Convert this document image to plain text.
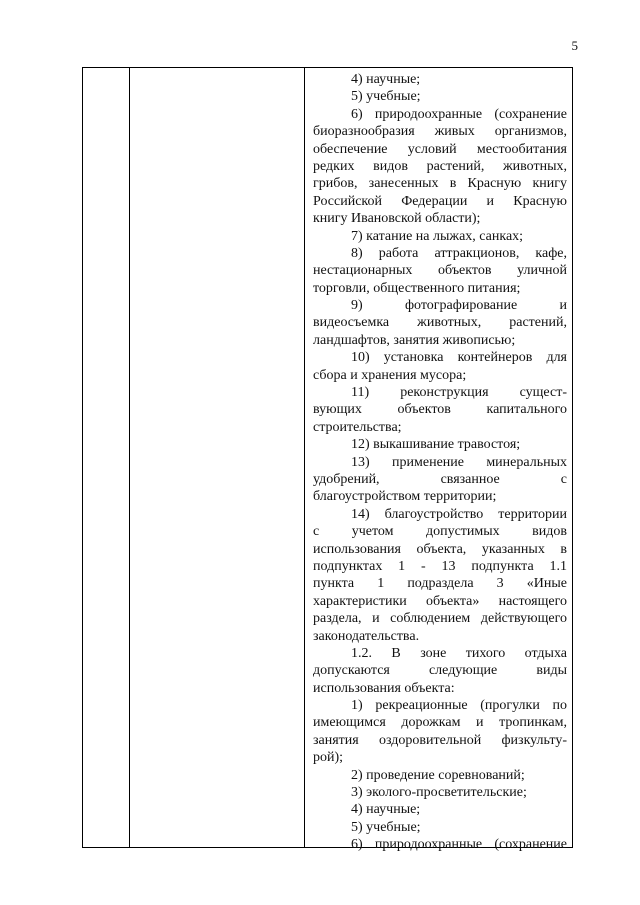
5
4) научные;
5) учебные;
6) природоохранные (сохранение
биоразнообразия живых организмов,
обеспечение условий местообитания
редких видов растений, животных,
грибов, занесенных в Красную книгу
Российской Федерации и Красную
книгу Ивановской области);
7) катание на лыжах, санках;
8) работа аттракционов, кафе,
нестационарных объектов уличной
торговли, общественного питания;
9) фотографирование и
видеосъемка животных, растений,
ландшафтов, занятия живописью;
10) установка контейнеров для
сбора и хранения мусора;
11) реконструкция сущест-
вующих объектов капитального
строительства;
12) выкашивание травостоя;
13) применение минеральных
удобрений, связанное с
благоустройством территории;
14) благоустройство территории
с учетом допустимых видов
использования объекта, указанных в
подпунктах 1 - 13 подпункта 1.1
пункта 1 подраздела 3 «Иные
характеристики объекта» настоящего
раздела, и соблюдением действующего
законодательства.
1.2. В зоне тихого отдыха
допускаются следующие виды
использования объекта:
1) рекреационные (прогулки по
имеющимся дорожкам и тропинкам,
занятия оздоровительной физкульту-
рой);
2) проведение соревнований;
3) эколого-просветительские;
4) научные;
5) учебные;
6) природоохранные (сохранение
